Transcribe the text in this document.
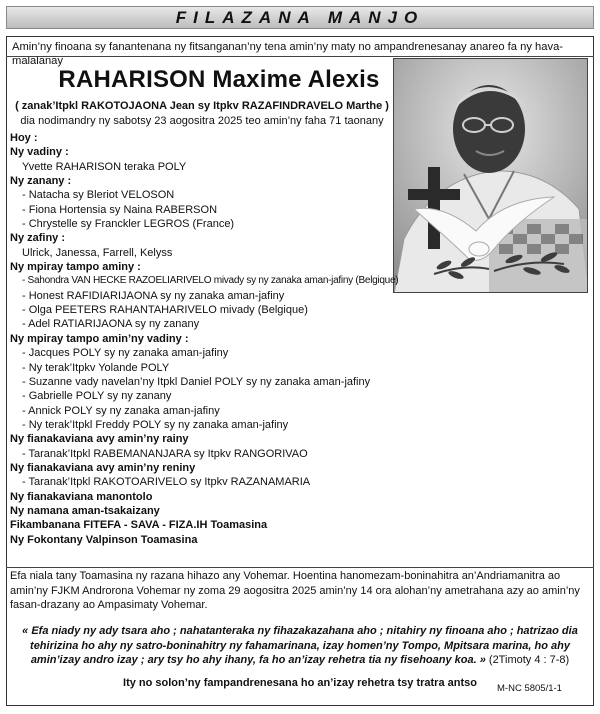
FILAZANA MANJO
Amin’ny finoana sy fanantenana ny fitsanganan’ny tena amin’ny maty no ampandrenesanay anareo fa ny hava-malalanay
RAHARISON Maxime Alexis
( zanak’Itpkl RAKOTOJAONA Jean sy Itpkv RAZAFINDRAVELO Marthe )
dia nodimandry ny sabotsy 23 aogositra 2025 teo amin’ny faha 71 taonany
Hoy :
Ny vadiny :
Yvette RAHARISON teraka POLY
Ny zanany :
- Natacha sy Bleriot VELOSON
- Fiona Hortensia sy Naina RABERSON
- Chrystelle sy Franckler LEGROS (France)
Ny zafiny :
Ulrick, Janessa, Farrell, Kelyss
Ny mpiray tampo aminy :
- Sahondra VAN HECKE RAZOELIARIVELO mivady sy ny zanaka aman-jafiny (Belgique)
- Honest RAFIDIARIJAONA sy ny zanaka aman-jafiny
- Olga PEETERS RAHANTAHARIVELO mivady (Belgique)
- Adel RATIARIJAONA sy ny zanany
Ny mpiray tampo amin’ny vadiny :
- Jacques POLY sy ny zanaka aman-jafiny
- Ny terak’Itpkv Yolande POLY
- Suzanne vady navelan’ny Itpkl Daniel POLY sy ny zanaka aman-jafiny
- Gabrielle POLY sy ny zanany
- Annick POLY sy ny zanaka aman-jafiny
- Ny terak’Itpkl Freddy POLY sy ny zanaka aman-jafiny
Ny fianakaviana avy amin’ny rainy
- Taranak’Itpkl RABEMANANJARA sy Itpkv RANGORIVAO
Ny fianakaviana avy amin’ny reniny
- Taranak’Itpkl RAKOTOARIVELO sy Itpkv RAZANAMARIA
Ny fianakaviana manontolo
Ny namana aman-tsakaizany
Fikambanana FITEFA - SAVA - FIZA.IH Toamasina
Ny Fokontany Valpinson Toamasina
Efa niala tany Toamasina ny razana hihazo any Vohemar. Hoentina hanomezam-boninahitra an’Andriamanitra ao amin’ny FJKM Androrona Vohemar ny zoma 29 aogositra 2025 amin’ny 14 ora alohan’ny ametrahana azy ao amin’ny fasan-drazany ao Ampasimaty Vohemar.
« Efa niady ny ady tsara aho ; nahatanteraka ny fihazakazahana aho ; nitahiry ny finoana aho ; hatrizao dia tehirizina ho ahy ny satro-boninahitry ny fahamarinana, izay homen’ny Tompo, Mpitsara marina, ho ahy amin’izay andro izay ; ary tsy ho ahy ihany, fa ho an’izay rehetra tia ny fisehoany koa. » (2Timoty 4 : 7-8)
Ity no solon’ny fampandrenesana ho an’izay rehetra tsy tratra antso	M-NC 5805/1-1
